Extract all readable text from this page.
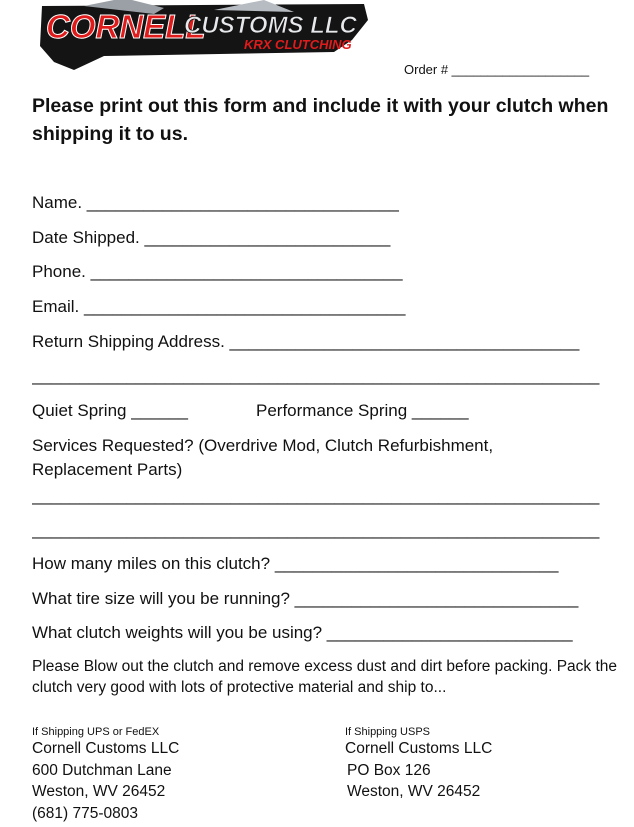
CORNELL
CUSTOMS LLC
KRX CLUTCHING
Order # ___________________
Please print out this form and include it with your clutch when shipping it to us.
Name. _________________________________
Date Shipped. __________________________
Phone. _________________________________
Email. __________________________________
Return Shipping Address. _____________________________________
____________________________________________________________
Quiet Spring ______	Performance Spring ______
Services Requested? (Overdrive Mod, Clutch Refurbishment, Replacement Parts)
____________________________________________________________
____________________________________________________________
How many miles on this clutch? ______________________________
What tire size will you be running? ______________________________
What clutch weights will you be using? __________________________
Please Blow out the clutch and remove excess dust and dirt before packing. Pack the clutch very good with lots of protective material and ship to...
If Shipping UPS or FedEX
Cornell Customs LLC
600 Dutchman Lane
Weston, WV 26452
(681) 775-0803
If Shipping USPS
Cornell Customs LLC
PO Box 126
Weston, WV 26452
